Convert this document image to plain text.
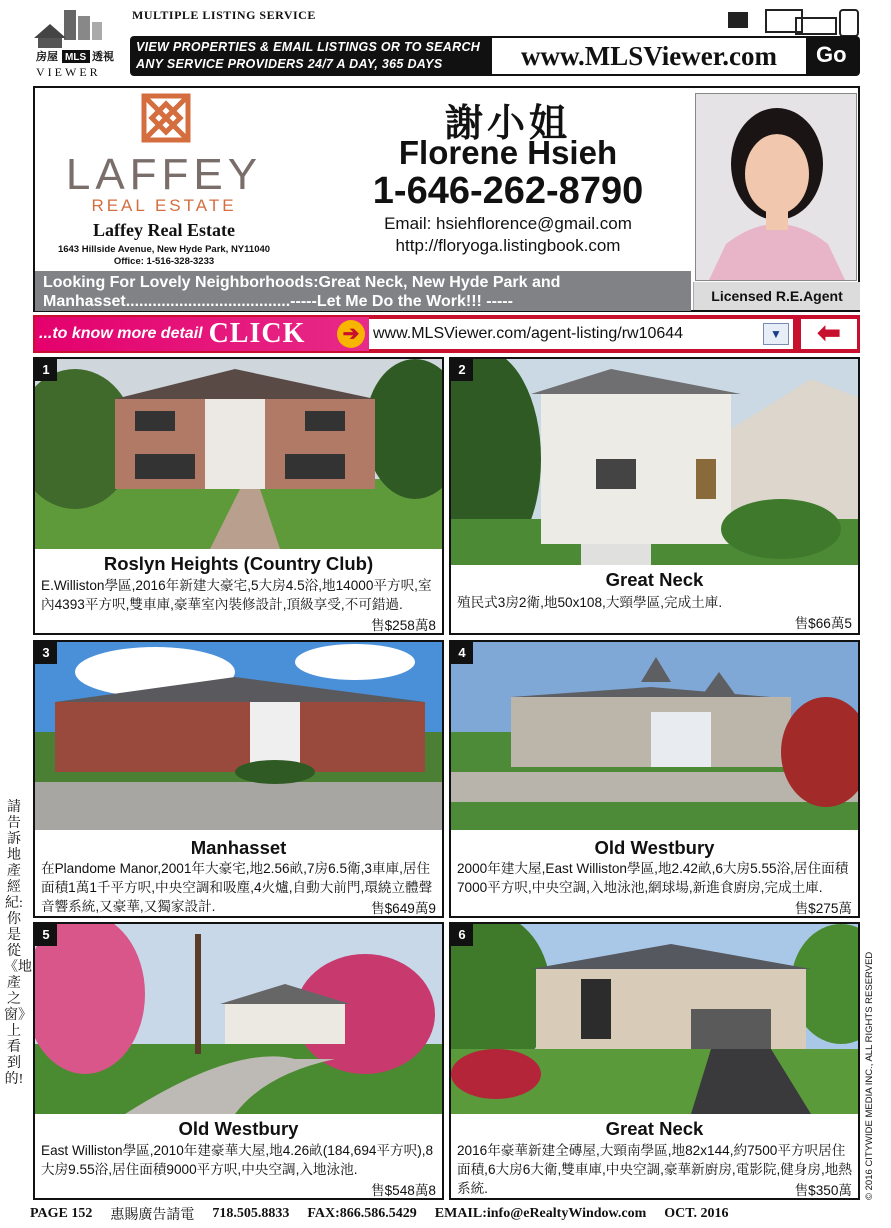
房屋 MLS 透視
VIEWER
MULTIPLE LISTING SERVICE
VIEW PROPERTIES & EMAIL LISTINGS OR TO SEARCH
ANY SERVICE PROVIDERS 24/7 A DAY, 365 DAYS	www.MLSViewer.com	Go
LAFFEY
REAL ESTATE
Laffey Real Estate
1643 Hillside Avenue, New Hyde Park, NY11040
Office: 1-516-328-3233
謝小姐
Florene Hsieh
1-646-262-8790
Email: hsiehflorence@gmail.com
http://floryoga.listingbook.com
Licensed R.E.Agent
Looking For Lovely Neighborhoods:Great Neck, New Hyde Park and
Manhasset.....................................-----Let Me Do the Work!!! -----
...to know more detail CLICK ➔ www.MLSViewer.com/agent-listing/rw10644	▼	⬅
1
Roslyn Heights (Country Club)
E.Williston學區,2016年新建大豪宅,5大房4.5浴,地14000平方呎,室內4393平方呎,雙車庫,豪華室內裝修設計,頂級享受,不可錯過.
售$258萬8
2
Great Neck
殖民式3房2衛,地50x108,大頸學區,完成土庫.
售$66萬5
3
Manhasset
在Plandome Manor,2001年大豪宅,地2.56畝,7房6.5衛,3車庫,居住面積1萬1千平方呎,中央空調和吸塵,4火爐,自動大前門,環繞立體聲音響系統,又豪華,又獨家設計.	售$649萬9
4
Old Westbury
2000年建大屋,East Williston學區,地2.42畝,6大房5.55浴,居住面積7000平方呎,中央空調,入地泳池,網球場,新進食廚房,完成土庫.
售$275萬
5
Old Westbury
East Williston學區,2010年建豪華大屋,地4.26畝(184,694平方呎),8大房9.55浴,居住面積9000平方呎,中央空調,入地泳池.
售$548萬8
6
Great Neck
2016年豪華新建全磚屋,大頸南學區,地82x144,約7500平方呎居住面積,6大房6大衛,雙車庫,中央空調,豪華新廚房,電影院,健身房,地熱系統.	售$350萬
請告訴地產經紀:你是從《地產之窗》上看到的!	© 2016 CITYWIDE MEDIA INC., ALL RIGHTS RESERVED
PAGE 152 惠賜廣告請電 718.505.8833 FAX:866.586.5429 EMAIL:info@eRealtyWindow.com OCT. 2016
